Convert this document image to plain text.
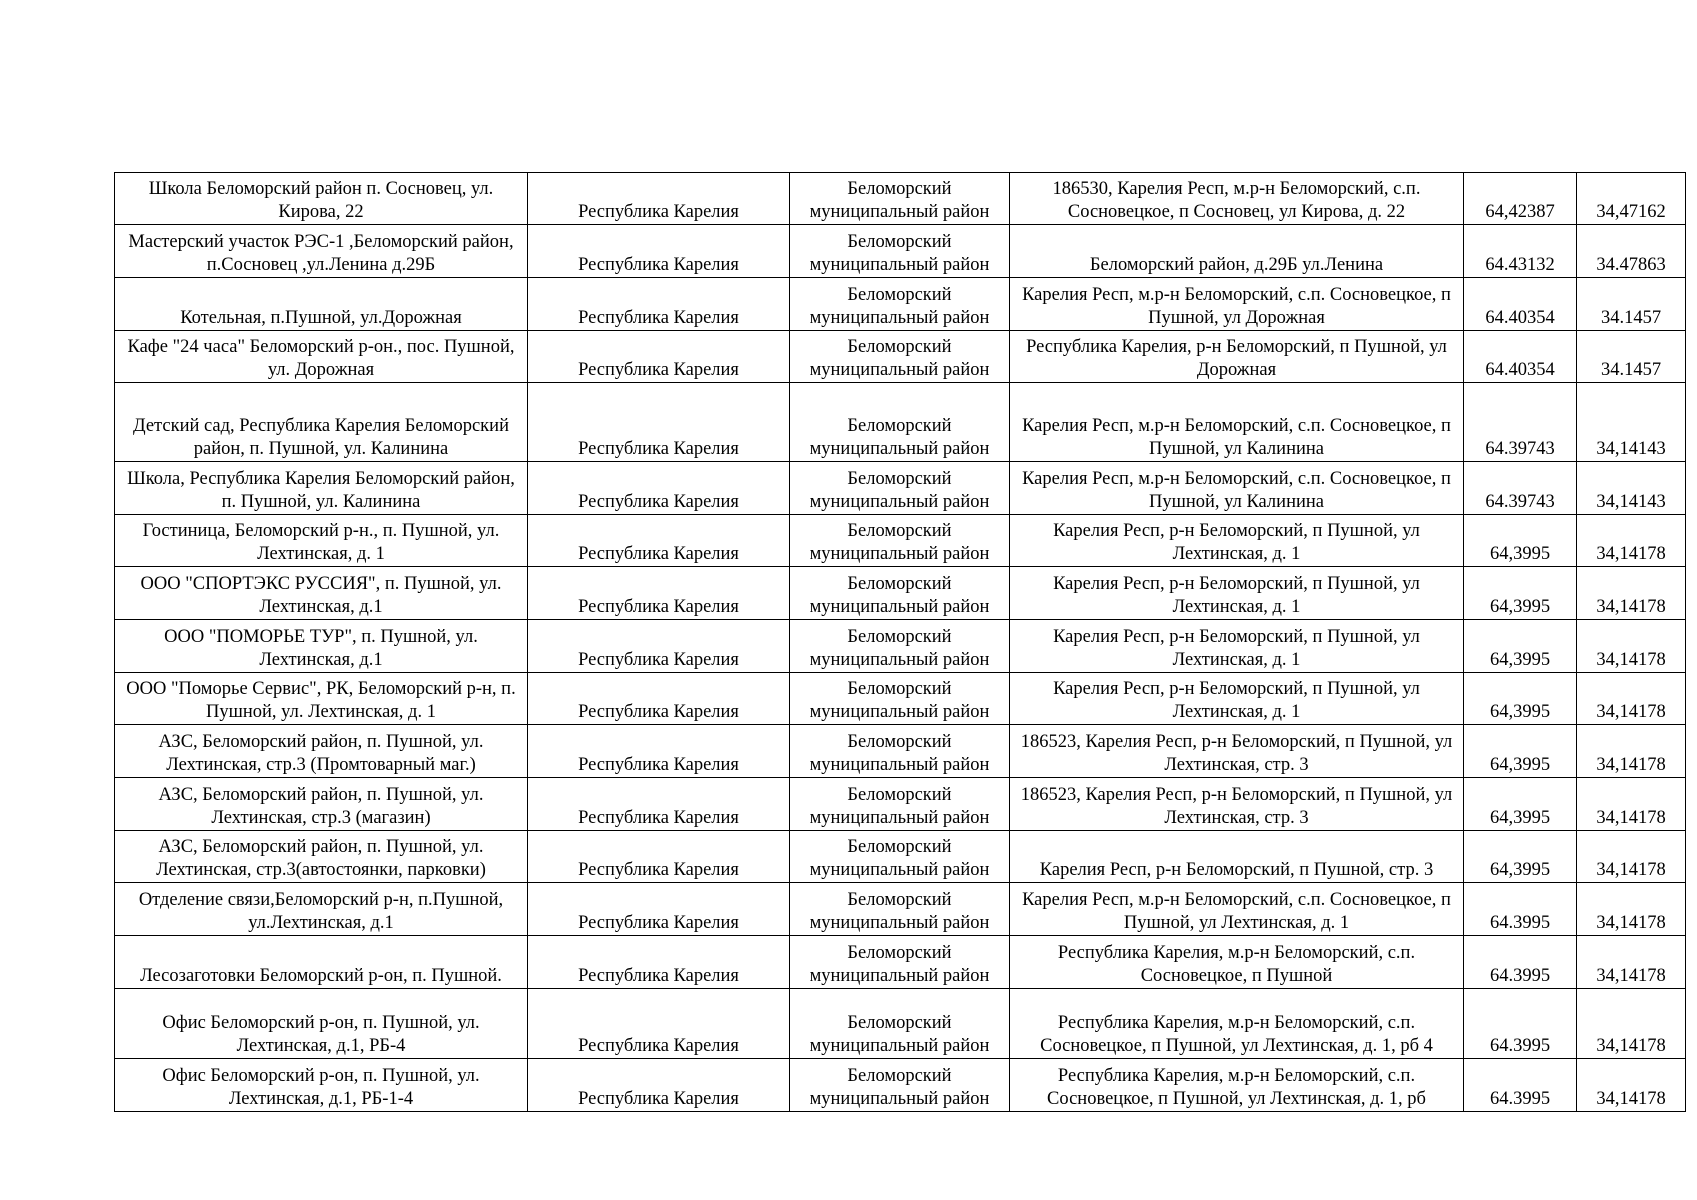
Школа Беломорский район п. Сосновец, ул. Кирова, 22	Республика Карелия	Беломорский муниципальный район	186530, Карелия Респ, м.р-н Беломорский, с.п. Сосновецкое, п Сосновец, ул Кирова, д. 22	64,42387	34,47162
Мастерский участок РЭС-1 ,Беломорский район, п.Сосновец ,ул.Ленина д.29Б	Республика Карелия	Беломорский муниципальный район	Беломорский район, д.29Б ул.Ленина	64.43132	34.47863
Котельная, п.Пушной, ул.Дорожная	Республика Карелия	Беломорский муниципальный район	Карелия Респ, м.р-н Беломорский, с.п. Сосновецкое, п Пушной, ул Дорожная	64.40354	34.1457
Кафе "24 часа" Беломорский р-он., пос. Пушной, ул. Дорожная	Республика Карелия	Беломорский муниципальный район	Республика Карелия, р-н Беломорский, п Пушной, ул Дорожная	64.40354	34.1457
Детский сад, Республика Карелия Беломорский район, п. Пушной, ул. Калинина	Республика Карелия	Беломорский муниципальный район	Карелия Респ, м.р-н Беломорский, с.п. Сосновецкое, п Пушной, ул Калинина	64.39743	34,14143
Школа, Республика Карелия Беломорский район, п. Пушной, ул. Калинина	Республика Карелия	Беломорский муниципальный район	Карелия Респ, м.р-н Беломорский, с.п. Сосновецкое, п Пушной, ул Калинина	64.39743	34,14143
Гостиница, Беломорский р-н., п. Пушной, ул. Лехтинская, д. 1	Республика Карелия	Беломорский муниципальный район	Карелия Респ, р-н Беломорский, п Пушной, ул Лехтинская, д. 1	64,3995	34,14178
ООО "СПОРТЭКС РУССИЯ", п. Пушной, ул. Лехтинская, д.1	Республика Карелия	Беломорский муниципальный район	Карелия Респ, р-н Беломорский, п Пушной, ул Лехтинская, д. 1	64,3995	34,14178
ООО "ПОМОРЬЕ ТУР", п. Пушной, ул. Лехтинская, д.1	Республика Карелия	Беломорский муниципальный район	Карелия Респ, р-н Беломорский, п Пушной, ул Лехтинская, д. 1	64,3995	34,14178
ООО "Поморье Сервис", РК, Беломорский р-н, п. Пушной, ул. Лехтинская, д. 1	Республика Карелия	Беломорский муниципальный район	Карелия Респ, р-н Беломорский, п Пушной, ул Лехтинская, д. 1	64,3995	34,14178
АЗС, Беломорский район, п. Пушной, ул. Лехтинская, стр.3 (Промтоварный маг.)	Республика Карелия	Беломорский муниципальный район	186523, Карелия Респ, р-н Беломорский, п Пушной, ул Лехтинская, стр. 3	64,3995	34,14178
АЗС, Беломорский район, п. Пушной, ул. Лехтинская, стр.3 (магазин)	Республика Карелия	Беломорский муниципальный район	186523, Карелия Респ, р-н Беломорский, п Пушной, ул Лехтинская, стр. 3	64,3995	34,14178
АЗС, Беломорский район, п. Пушной, ул. Лехтинская, стр.3(автостоянки, парковки)	Республика Карелия	Беломорский муниципальный район	Карелия Респ, р-н Беломорский, п Пушной, стр. 3	64,3995	34,14178
Отделение связи,Беломорский р-н, п.Пушной, ул.Лехтинская, д.1	Республика Карелия	Беломорский муниципальный район	Карелия Респ, м.р-н Беломорский, с.п. Сосновецкое, п Пушной, ул Лехтинская, д. 1	64.3995	34,14178
Лесозаготовки Беломорский р-он, п. Пушной.	Республика Карелия	Беломорский муниципальный район	Республика Карелия, м.р-н Беломорский, с.п. Сосновецкое, п Пушной	64.3995	34,14178
Офис Беломорский р-он, п. Пушной, ул. Лехтинская, д.1, РБ-4	Республика Карелия	Беломорский муниципальный район	Республика Карелия, м.р-н Беломорский, с.п. Сосновецкое, п Пушной, ул Лехтинская, д. 1, рб 4	64.3995	34,14178
Офис Беломорский р-он, п. Пушной, ул. Лехтинская, д.1, РБ-1-4	Республика Карелия	Беломорский муниципальный район	Республика Карелия, м.р-н Беломорский, с.п. Сосновецкое, п Пушной, ул Лехтинская, д. 1, рб	64.3995	34,14178
